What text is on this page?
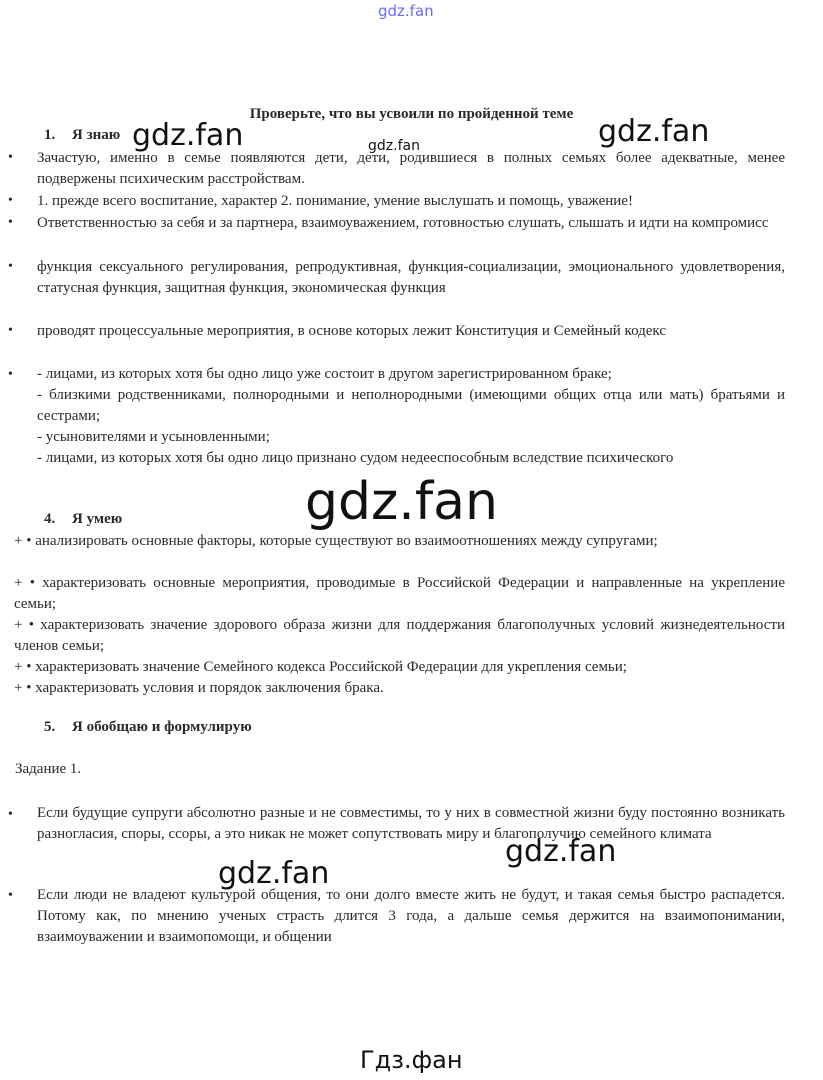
gdz.fan
gdz.fan
gdz.fan	gdz.fan
gdz.fan
gdz.fan
gdz.fan
Гдз.фан
Проверьте, что вы усвоили по пройденной теме
1. Я знаю
• Зачастую, именно в семье появляются дети, дети, родившиеся в полных семьях более адекватные, менее подвержены психическим расстройствам.
• 1. прежде всего воспитание, характер 2. понимание, умение выслушать и помощь, уважение!
• Ответственностью за себя и за партнера, взаимоуважением, готовностью слушать, слышать и идти на компромисс
• функция сексуального регулирования, репродуктивная, функция-социализации, эмоционального удовлетворения, статусная функция, защитная функция, экономическая функция
• проводят процессуальные мероприятия, в основе которых лежит Конституция и Семейный кодекс
• - лицами, из которых хотя бы одно лицо уже состоит в другом зарегистрированном браке;
- близкими родственниками, полнородными и неполнородными (имеющими общих отца или мать) братьями и сестрами;
- усыновителями и усыновленными;
- лицами, из которых хотя бы одно лицо признано судом недееспособным вследствие психического
4. Я умею
+ • анализировать основные факторы, которые существуют во взаимоотношениях между супругами;
+ • характеризовать основные мероприятия, проводимые в Российской Федерации и направленные на укрепление семьи;
+ • характеризовать значение здорового образа жизни для поддержания благополучных условий жизнедеятельности членов семьи;
+ • характеризовать значение Семейного кодекса Российской Федерации для укрепления семьи;
+ • характеризовать условия и порядок заключения брака.
5. Я обобщаю и формулирую
Задание 1.
• Если будущие супруги абсолютно разные и не совместимы, то у них в совместной жизни буду постоянно возникать разногласия, споры, ссоры, а это никак не может сопутствовать миру и благополучию семейного климата
• Если люди не владеют культурой общения, то они долго вместе жить не будут, и такая семья быстро распадется. Потому как, по мнению ученых страсть длится 3 года, а дальше семья держится на взаимопонимании, взаимоуважении и взаимопомощи, и общении
